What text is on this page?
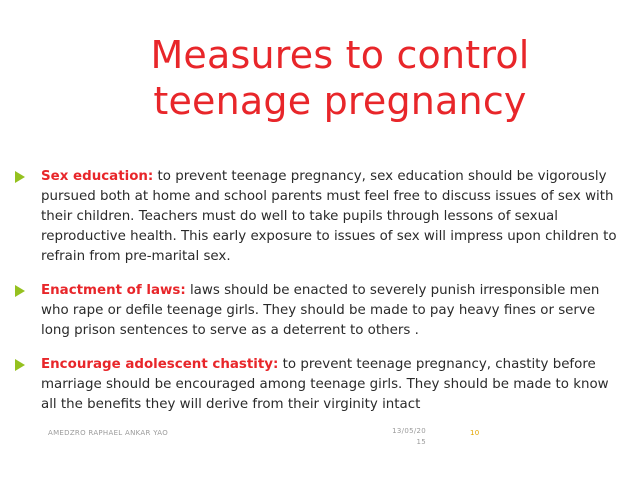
Measures to control
teenage pregnancy
Sex education: to prevent teenage pregnancy, sex education should be vigorously pursued both at home and school parents must feel free to discuss issues of sex with their children. Teachers must do well to take pupils through lessons of sexual reproductive health. This early exposure to issues of sex will impress upon children to refrain from pre-marital sex.
Enactment of laws: laws should be enacted to severely punish irresponsible men who rape or defile teenage girls. They should be made to pay heavy fines or serve long prison sentences to serve as a deterrent to others .
Encourage adolescent chastity: to prevent teenage pregnancy, chastity before marriage should be encouraged among teenage girls. They should be made to know all the benefits they will derive from their virginity intact
AMEDZRO RAPHAEL ANKAR YAO	13/05/20
15
10
